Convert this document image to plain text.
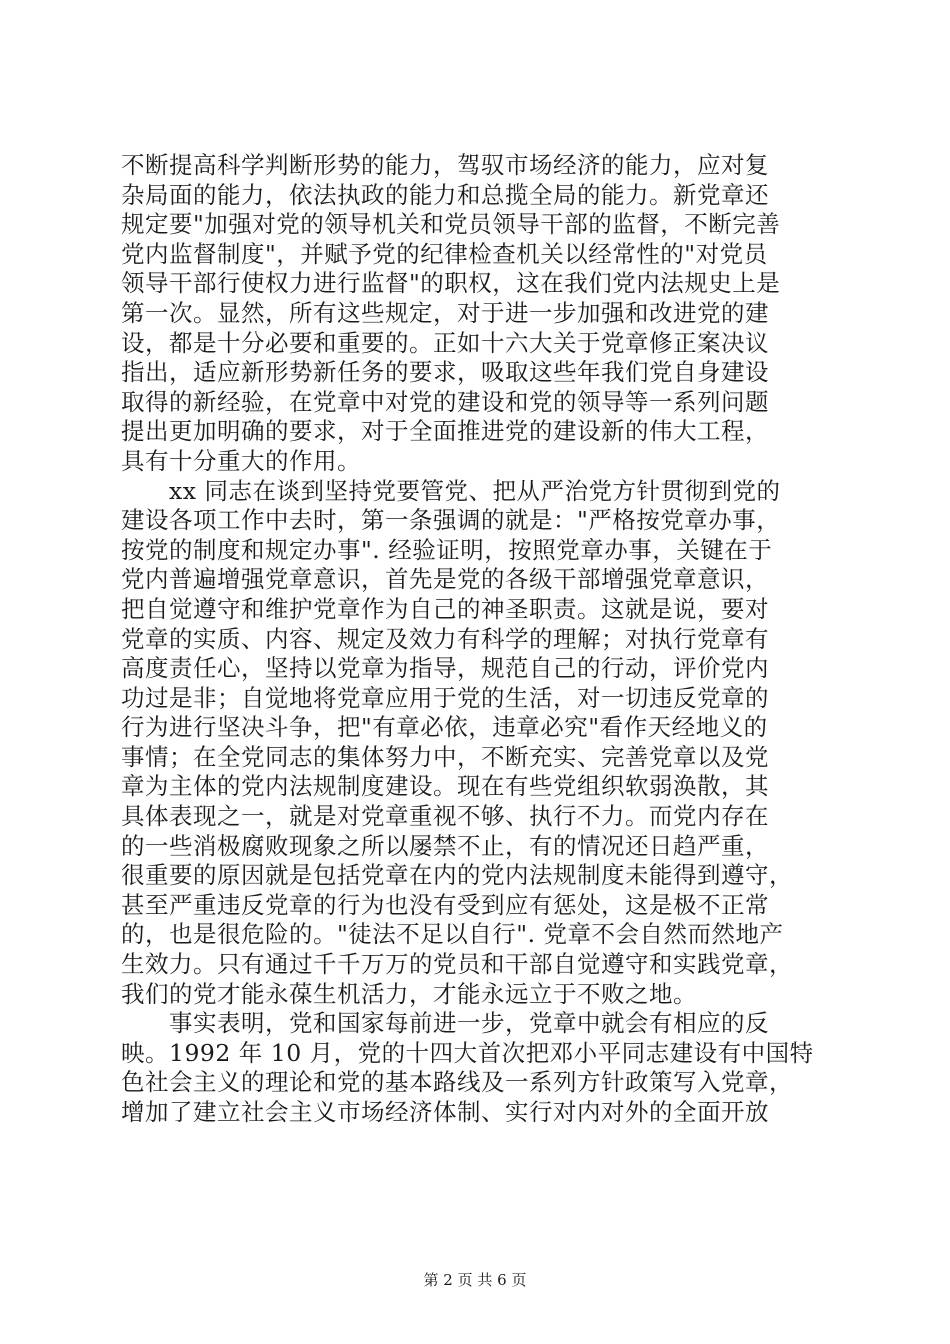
不断提高科学判断形势的能力，驾驭市场经济的能力，应对复
杂局面的能力，依法执政的能力和总揽全局的能力。新党章还
规定要"加强对党的领导机关和党员领导干部的监督，不断完善
党内监督制度"，并赋予党的纪律检查机关以经常性的"对党员
领导干部行使权力进行监督"的职权，这在我们党内法规史上是
第一次。显然，所有这些规定，对于进一步加强和改进党的建
设，都是十分必要和重要的。正如十六大关于党章修正案决议
指出，适应新形势新任务的要求，吸取这些年我们党自身建设
取得的新经验，在党章中对党的建设和党的领导等一系列问题
提出更加明确的要求，对于全面推进党的建设新的伟大工程，
具有十分重大的作用。
　　xx 同志在谈到坚持党要管党、把从严治党方针贯彻到党的
建设各项工作中去时，第一条强调的就是："严格按党章办事，
按党的制度和规定办事". 经验证明，按照党章办事，关键在于
党内普遍增强党章意识，首先是党的各级干部增强党章意识，
把自觉遵守和维护党章作为自己的神圣职责。这就是说，要对
党章的实质、内容、规定及效力有科学的理解；对执行党章有
高度责任心，坚持以党章为指导，规范自己的行动，评价党内
功过是非；自觉地将党章应用于党的生活，对一切违反党章的
行为进行坚决斗争，把"有章必依，违章必究"看作天经地义的
事情；在全党同志的集体努力中，不断充实、完善党章以及党
章为主体的党内法规制度建设。现在有些党组织软弱涣散，其
具体表现之一，就是对党章重视不够、执行不力。而党内存在
的一些消极腐败现象之所以屡禁不止，有的情况还日趋严重，
很重要的原因就是包括党章在内的党内法规制度未能得到遵守，
甚至严重违反党章的行为也没有受到应有惩处，这是极不正常
的，也是很危险的。"徒法不足以自行". 党章不会自然而然地产
生效力。只有通过千千万万的党员和干部自觉遵守和实践党章，
我们的党才能永葆生机活力，才能永远立于不败之地。
　　事实表明，党和国家每前进一步，党章中就会有相应的反
映。1992 年 10 月，党的十四大首次把邓小平同志建设有中国特
色社会主义的理论和党的基本路线及一系列方针政策写入党章，
增加了建立社会主义市场经济体制、实行对内对外的全面开放
第 2 页 共 6 页
